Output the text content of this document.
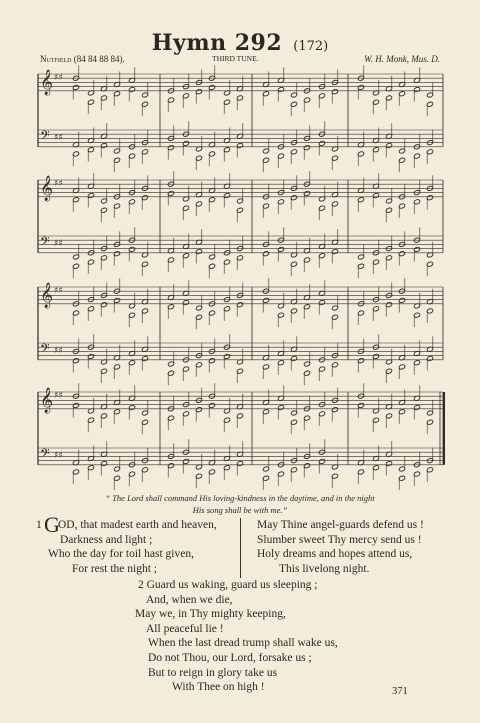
Hymn 292 (172)
Nutfield (84 84 88 84).	THIRD TUNE.	W. H. Monk, Mus. D.
𝄞 ♯♯
𝄢 ♯♯
𝄞 ♯♯
𝄢 ♯♯
𝄞 ♯♯
𝄢 ♯♯
𝄞 ♯♯
𝄢 ♯♯
“ The Lord shall command His loving-kindness in the daytime, and in the night
His song shall be with me.”
1 G
OD, that madest earth and heaven,
Darkness and light ;
Who the day for toil hast given,
For rest the night ;
May Thine angel-guards defend us !
Slumber sweet Thy mercy send us !
Holy dreams and hopes attend us,
This livelong night.
2 Guard us waking, guard us sleeping ;
And, when we die,
May we, in Thy mighty keeping,
All peaceful lie !
When the last dread trump shall wake us,
Do not Thou, our Lord, forsake us ;
But to reign in glory take us
With Thee on high !	371
